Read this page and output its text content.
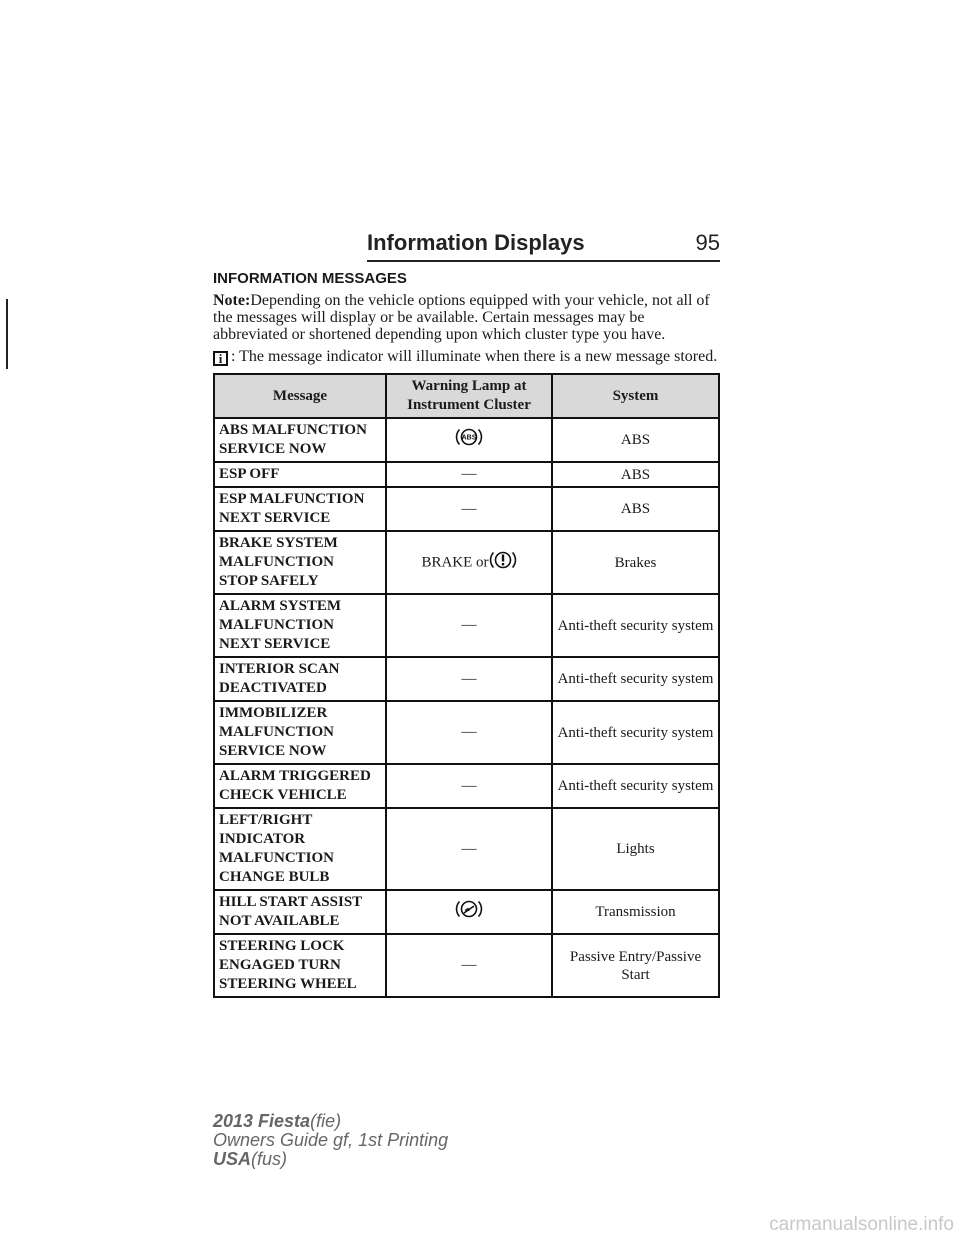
Information Displays	95
INFORMATION MESSAGES

Note:Depending on the vehicle options equipped with your vehicle, not all of the messages will display or be available. Certain messages may be abbreviated or shortened depending upon which cluster type you have.

i : The message indicator will illuminate when there is a new message stored.

Message	Warning Lamp at
Instrument Cluster	System

ABS MALFUNCTION
SERVICE NOW	ABS	ABS

ESP OFF	—	ABS

ESP MALFUNCTION
NEXT SERVICE	—	ABS

BRAKE SYSTEM
MALFUNCTION
STOP SAFELY	BRAKE or	Brakes

ALARM SYSTEM
MALFUNCTION
NEXT SERVICE	—	Anti-theft security system

INTERIOR SCAN
DEACTIVATED	—	Anti-theft security system

IMMOBILIZER
MALFUNCTION
SERVICE NOW	—	Anti-theft security system

ALARM TRIGGERED
CHECK VEHICLE	—	Anti-theft security system

LEFT/RIGHT
INDICATOR
MALFUNCTION
CHANGE BULB	—	Lights

HILL START ASSIST
NOT AVAILABLE		Transmission

STEERING LOCK
ENGAGED TURN
STEERING WHEEL	—	Passive Entry/Passive Start
2013 Fiesta(fie)
Owners Guide gf, 1st Printing
USA(fus)
carmanualsonline.info
